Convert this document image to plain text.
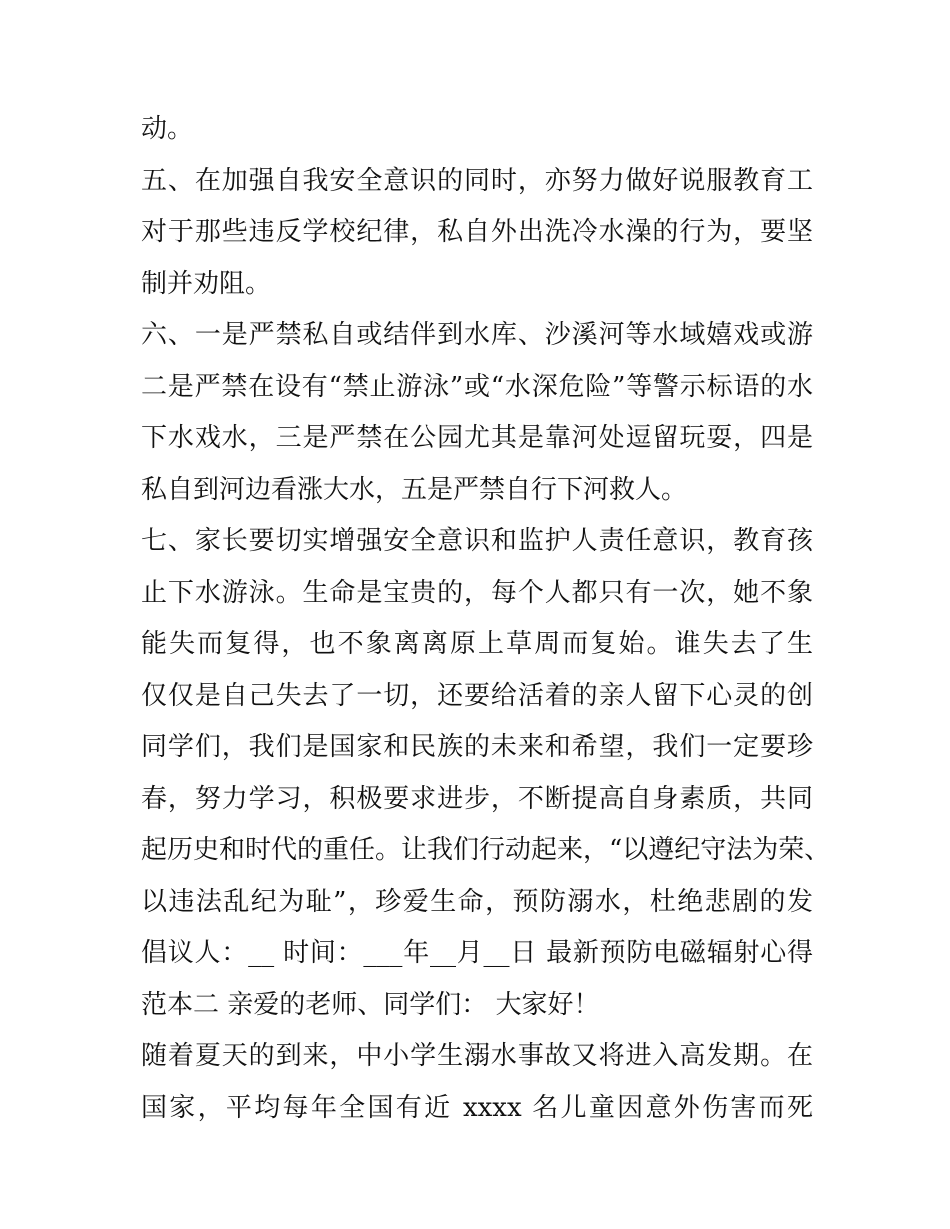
动。
五、在加强自我安全意识的同时，亦努力做好说服教育工
对于那些违反学校纪律，私自外出洗冷水澡的行为，要坚
制并劝阻。
六、一是严禁私自或结伴到水库、沙溪河等水域嬉戏或游
二是严禁在设有“禁止游泳”或“水深危险”等警示标语的水
下水戏水，三是严禁在公园尤其是靠河处逗留玩耍，四是
私自到河边看涨大水，五是严禁自行下河救人。
七、家长要切实增强安全意识和监护人责任意识，教育孩
止下水游泳。生命是宝贵的，每个人都只有一次，她不象
能失而复得，也不象离离原上草周而复始。谁失去了生
仅仅是自己失去了一切，还要给活着的亲人留下心灵的创
同学们，我们是国家和民族的未来和希望，我们一定要珍
春，努力学习，积极要求进步，不断提高自身素质，共同
起历史和时代的重任。让我们行动起来，“以遵纪守法为荣、
以违法乱纪为耻”，珍爱生命，预防溺水，杜绝悲剧的发
倡议人：__ 时间：___年__月__日 最新预防电磁辐射心得
范本二 亲爱的老师、同学们： 大家好！
随着夏天的到来，中小学生溺水事故又将进入高发期。在
国家，平均每年全国有近 xxxx 名儿童因意外伤害而死
